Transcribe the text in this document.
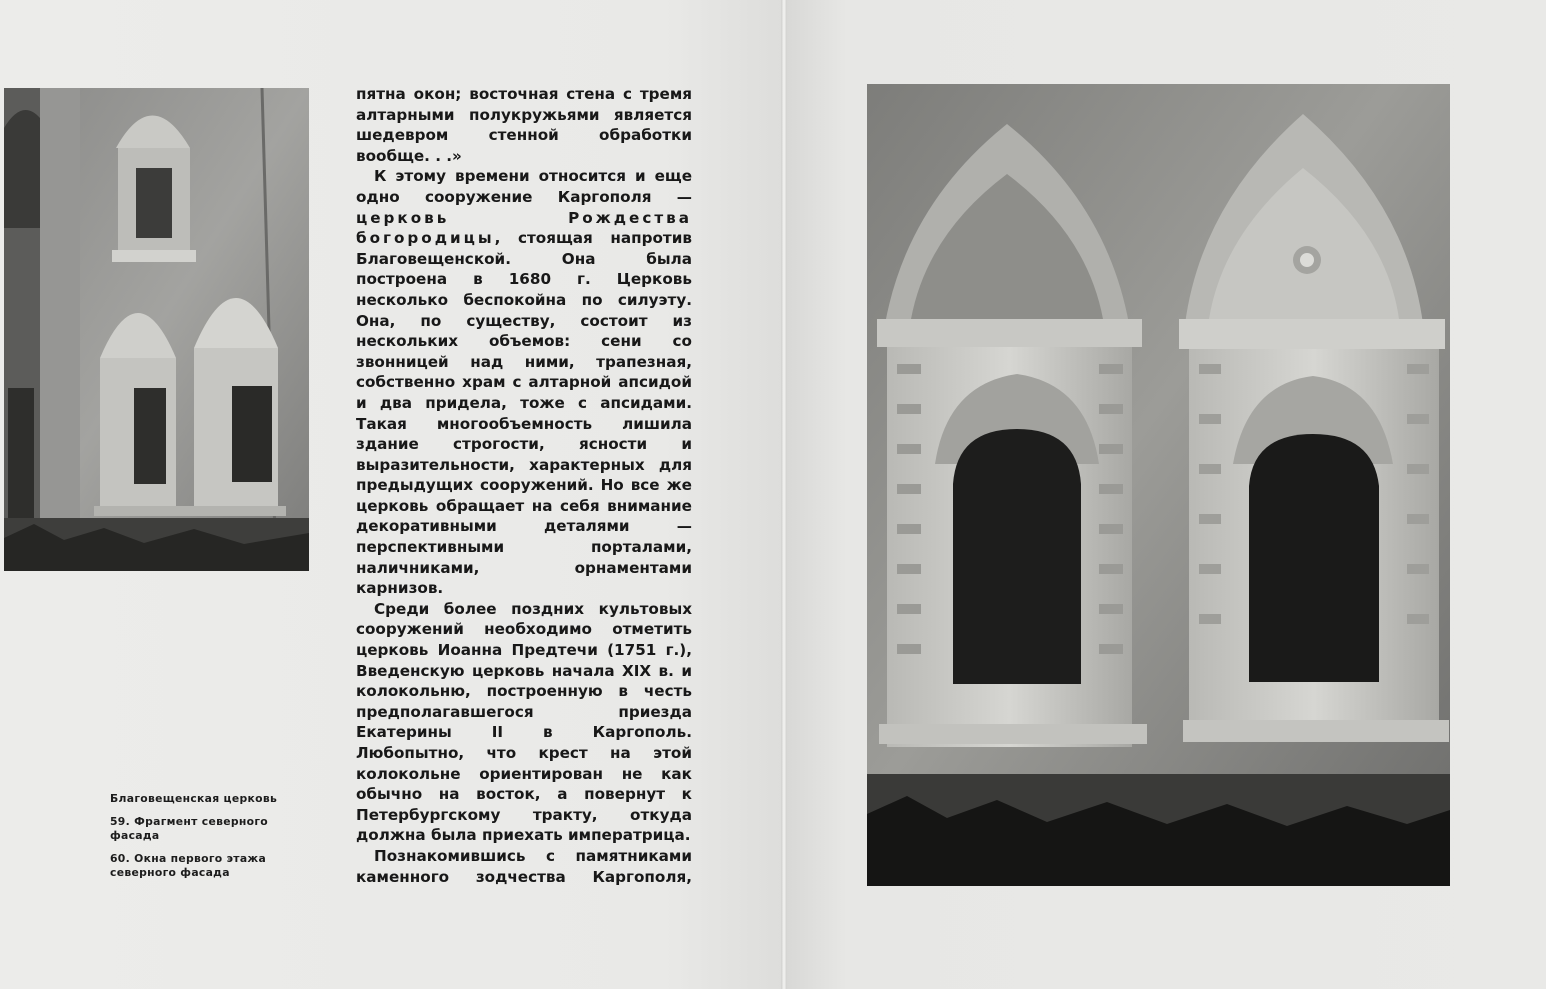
пятна окон; восточная стена с тремя алтарными полукружьями является шедевром стенной обработки вообще. . .»

К этому времени относится и еще одно сооружение Каргополя — церковь Рождества богородицы, стоящая напротив Благовещенской. Она была построена в 1680 г. Церковь несколько беспокойна по силуэту. Она, по существу, состоит из нескольких объемов: сени со звонницей над ними, трапезная, собственно храм с алтарной апсидой и два придела, тоже с апсидами. Такая многообъемность лишила здание строгости, ясности и выразительности, характерных для предыдущих сооружений. Но все же церковь обращает на себя внимание декоративными деталями — перспективными порталами, наличниками, орнаментами карнизов.

Среди более поздних культовых сооружений необходимо отметить церковь Иоанна Предтечи (1751 г.), Введенскую церковь начала XIX в. и колокольню, построенную в честь предполагавшегося приезда Екатерины II в Каргополь. Любопытно, что крест на этой колокольне ориентирован не как обычно на восток, а повернут к Петербургскому тракту, откуда должна была приехать императрица.

Познакомившись с памятниками каменного зодчества Каргополя,

Благовещенская церковь
59. Фрагмент северного фасада
60. Окна первого этажа северного фасада
